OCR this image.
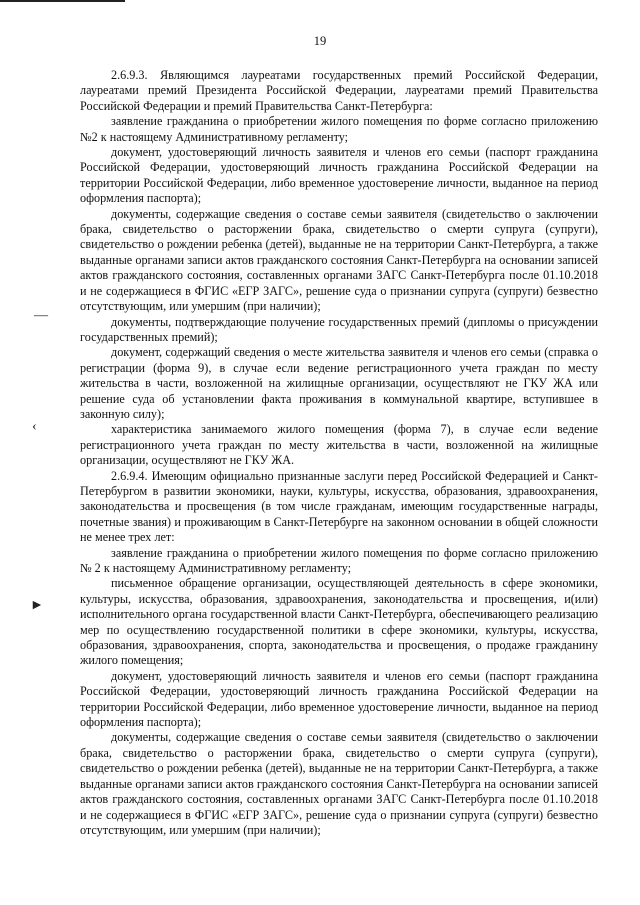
19
—
‹
►

2.6.9.3. Являющимся лауреатами государственных премий Российской Федерации, лауреатами премий Президента Российской Федерации, лауреатами премий Правительства Российской Федерации и премий Правительства Санкт-Петербурга:

заявление гражданина о приобретении жилого помещения по форме согласно приложению №2 к настоящему Административному регламенту;

документ, удостоверяющий личность заявителя и членов его семьи (паспорт гражданина Российской Федерации, удостоверяющий личность гражданина Российской Федерации на территории Российской Федерации, либо временное удостоверение личности, выданное на период оформления паспорта);

документы, содержащие сведения о составе семьи заявителя (свидетельство о заключении брака, свидетельство о расторжении брака, свидетельство о смерти супруга (супруги), свидетельство о рождении ребенка (детей), выданные не на территории Санкт-Петербурга, а также выданные органами записи актов гражданского состояния Санкт-Петербурга на основании записей актов гражданского состояния, составленных органами ЗАГС Санкт-Петербурга после 01.10.2018 и не содержащиеся в ФГИС «ЕГР ЗАГС», решение суда о признании супруга (супруги) безвестно отсутствующим, или умершим (при наличии);

документы, подтверждающие получение государственных премий (дипломы о присуждении государственных премий);

документ, содержащий сведения о месте жительства заявителя и членов его семьи (справка о регистрации (форма 9), в случае если ведение регистрационного учета граждан по месту жительства в части, возложенной на жилищные организации, осуществляют не ГКУ ЖА или решение суда об установлении факта проживания в коммунальной квартире, вступившее в законную силу);

характеристика занимаемого жилого помещения (форма 7), в случае если ведение регистрационного учета граждан по месту жительства в части, возложенной на жилищные организации, осуществляют не ГКУ ЖА.

2.6.9.4. Имеющим официально признанные заслуги перед Российской Федерацией и Санкт-Петербургом в развитии экономики, науки, культуры, искусства, образования, здравоохранения, законодательства и просвещения (в том числе гражданам, имеющим государственные награды, почетные звания) и проживающим в Санкт-Петербурге на законном основании в общей сложности не менее трех лет:

заявление гражданина о приобретении жилого помещения по форме согласно приложению № 2 к настоящему Административному регламенту;

письменное обращение организации, осуществляющей деятельность в сфере экономики, культуры, искусства, образования, здравоохранения, законодательства и просвещения, и(или) исполнительного органа государственной власти Санкт-Петербурга, обеспечивающего реализацию мер по осуществлению государственной политики в сфере экономики, культуры, искусства, образования, здравоохранения, спорта, законодательства и просвещения, о продаже гражданину жилого помещения;

документ, удостоверяющий личность заявителя и членов его семьи (паспорт гражданина Российской Федерации, удостоверяющий личность гражданина Российской Федерации на территории Российской Федерации, либо временное удостоверение личности, выданное на период оформления паспорта);

документы, содержащие сведения о составе семьи заявителя (свидетельство о заключении брака, свидетельство о расторжении брака, свидетельство о смерти супруга (супруги), свидетельство о рождении ребенка (детей), выданные не на территории Санкт-Петербурга, а также выданные органами записи актов гражданского состояния Санкт-Петербурга на основании записей актов гражданского состояния, составленных органами ЗАГС Санкт-Петербурга после 01.10.2018 и не содержащиеся в ФГИС «ЕГР ЗАГС», решение суда о признании супруга (супруги) безвестно отсутствующим, или умершим (при наличии);
